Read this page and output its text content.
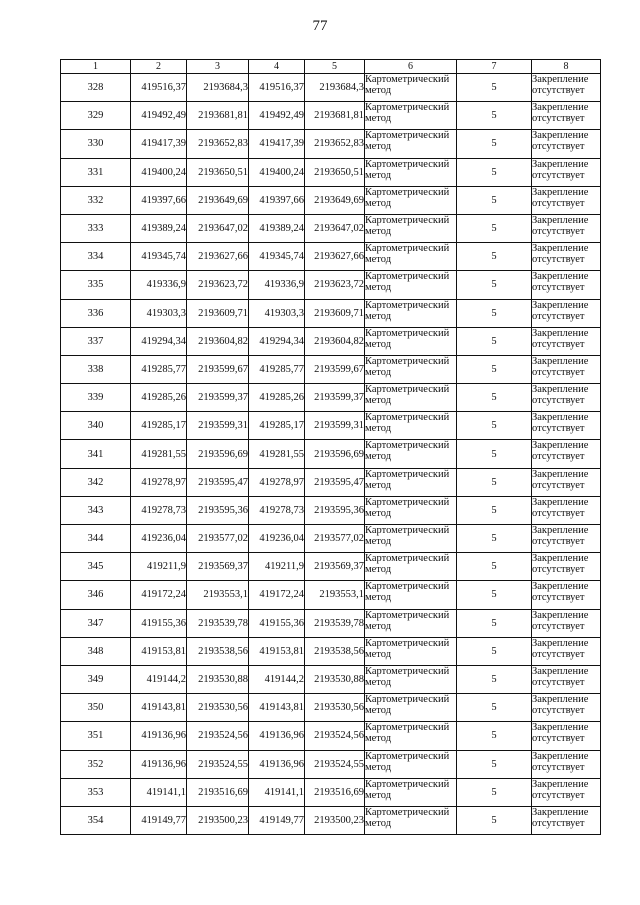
77
1	2	3	4	5	6	7	8
328	419516,37	2193684,3	419516,37	2193684,3	Картометрический метод	5	Закрепление отсутствует
329	419492,49	2193681,81	419492,49	2193681,81	Картометрический метод	5	Закрепление отсутствует
330	419417,39	2193652,83	419417,39	2193652,83	Картометрический метод	5	Закрепление отсутствует
331	419400,24	2193650,51	419400,24	2193650,51	Картометрический метод	5	Закрепление отсутствует
332	419397,66	2193649,69	419397,66	2193649,69	Картометрический метод	5	Закрепление отсутствует
333	419389,24	2193647,02	419389,24	2193647,02	Картометрический метод	5	Закрепление отсутствует
334	419345,74	2193627,66	419345,74	2193627,66	Картометрический метод	5	Закрепление отсутствует
335	419336,9	2193623,72	419336,9	2193623,72	Картометрический метод	5	Закрепление отсутствует
336	419303,3	2193609,71	419303,3	2193609,71	Картометрический метод	5	Закрепление отсутствует
337	419294,34	2193604,82	419294,34	2193604,82	Картометрический метод	5	Закрепление отсутствует
338	419285,77	2193599,67	419285,77	2193599,67	Картометрический метод	5	Закрепление отсутствует
339	419285,26	2193599,37	419285,26	2193599,37	Картометрический метод	5	Закрепление отсутствует
340	419285,17	2193599,31	419285,17	2193599,31	Картометрический метод	5	Закрепление отсутствует
341	419281,55	2193596,69	419281,55	2193596,69	Картометрический метод	5	Закрепление отсутствует
342	419278,97	2193595,47	419278,97	2193595,47	Картометрический метод	5	Закрепление отсутствует
343	419278,73	2193595,36	419278,73	2193595,36	Картометрический метод	5	Закрепление отсутствует
344	419236,04	2193577,02	419236,04	2193577,02	Картометрический метод	5	Закрепление отсутствует
345	419211,9	2193569,37	419211,9	2193569,37	Картометрический метод	5	Закрепление отсутствует
346	419172,24	2193553,1	419172,24	2193553,1	Картометрический метод	5	Закрепление отсутствует
347	419155,36	2193539,78	419155,36	2193539,78	Картометрический метод	5	Закрепление отсутствует
348	419153,81	2193538,56	419153,81	2193538,56	Картометрический метод	5	Закрепление отсутствует
349	419144,2	2193530,88	419144,2	2193530,88	Картометрический метод	5	Закрепление отсутствует
350	419143,81	2193530,56	419143,81	2193530,56	Картометрический метод	5	Закрепление отсутствует
351	419136,96	2193524,56	419136,96	2193524,56	Картометрический метод	5	Закрепление отсутствует
352	419136,96	2193524,55	419136,96	2193524,55	Картометрический метод	5	Закрепление отсутствует
353	419141,1	2193516,69	419141,1	2193516,69	Картометрический метод	5	Закрепление отсутствует
354	419149,77	2193500,23	419149,77	2193500,23	Картометрический метод	5	Закрепление отсутствует
